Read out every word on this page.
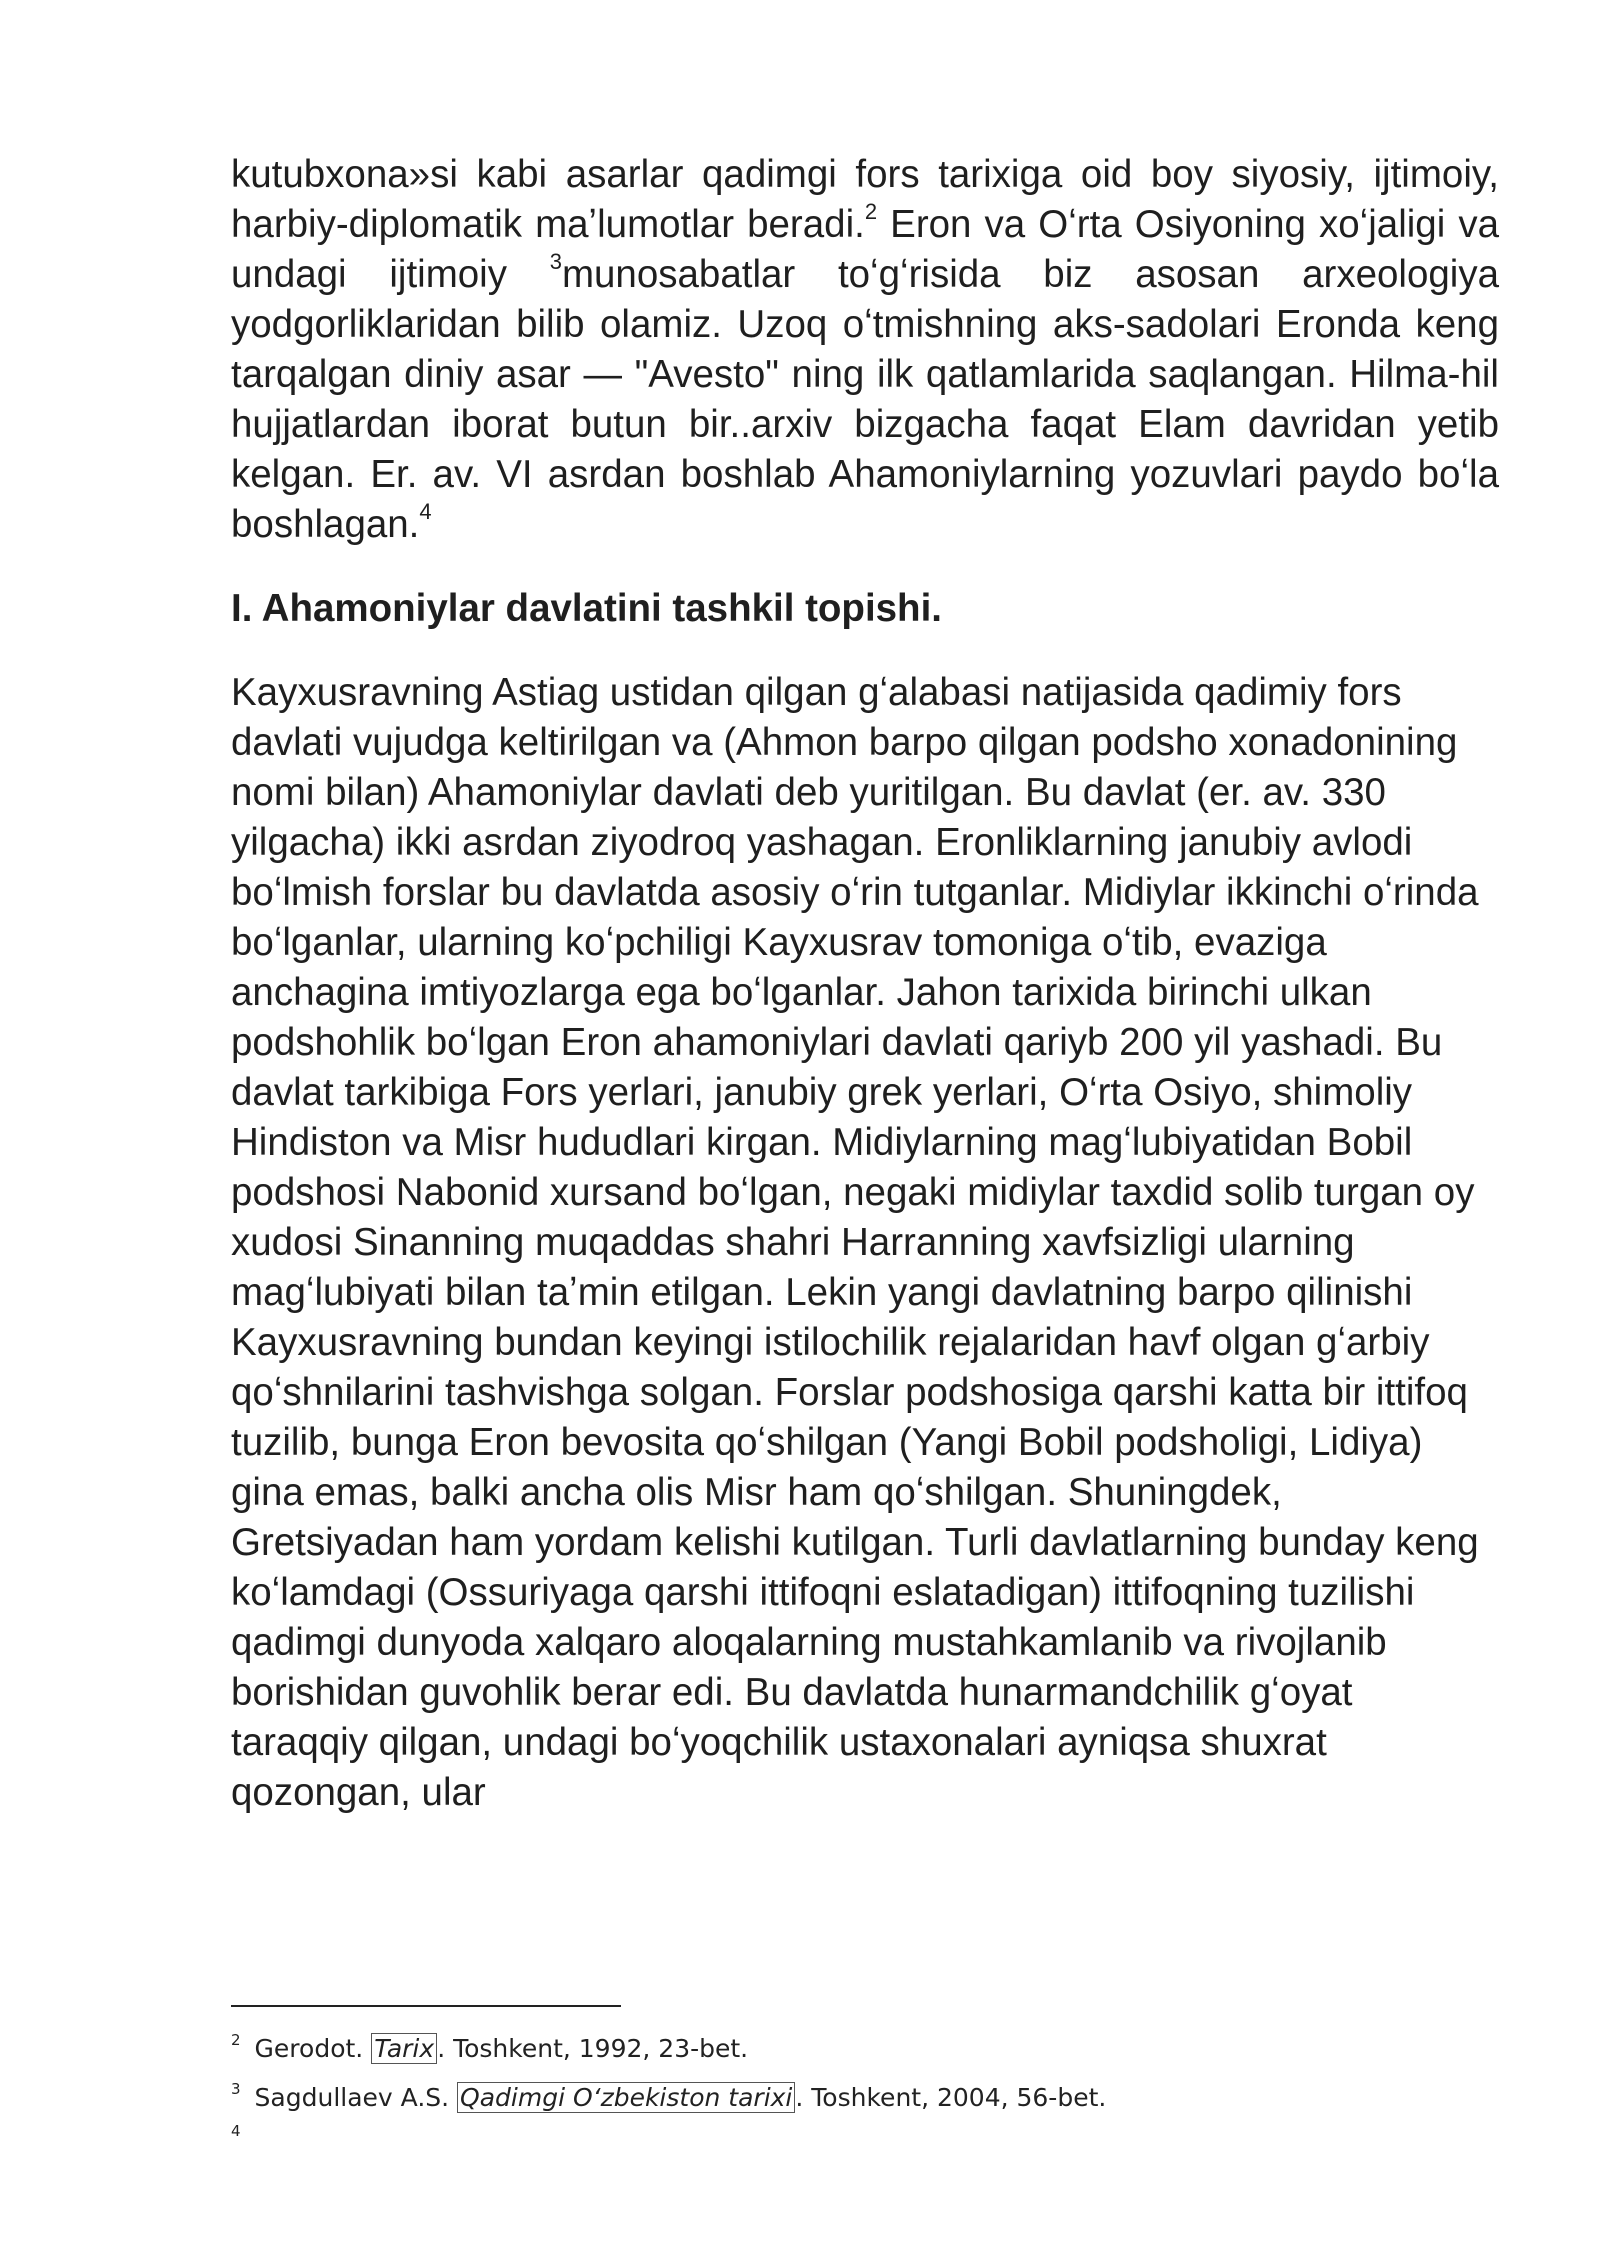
kutubxona»si kabi asarlar qadimgi fors tarixiga oid boy siyosiy, ijtimoiy, harbiy-diplomatik maʼlumotlar beradi.$^2$ Eron va Oʻrta Osiyoning xoʻjaligi va undagi ijtimoiy $^3$munosabatlar toʻgʻrisida biz asosan arxeologiya yodgorliklaridan bilib olamiz. Uzoq oʻtmishning aks-sadolari Eronda keng tarqalgan diniy asar — "Avesto" ning ilk qatlamlarida saqlangan. Hilma-hil hujjatlardan iborat butun bir..arxiv bizgacha faqat Elam davridan yetib kelgan. Er. av. VI asrdan boshlab Ahamoniylarning yozuvlari paydo boʻla boshlagan.$^4$

I. Ahamoniylar davlatini tashkil topishi.

Kayxusravning Astiag ustidan qilgan gʻalabasi natijasida qadimiy fors davlati vujudga keltirilgan va (Ahmon barpo qilgan podsho xonadonining nomi bilan) Ahamoniylar davlati deb yuritilgan. Bu davlat (er. av. 330 yilgacha) ikki asrdan ziyodroq yashagan. Eronliklarning janubiy avlodi boʻlmish forslar bu davlatda asosiy oʻrin tutganlar. Midiylar ikkinchi oʻrinda boʻlganlar, ularning koʻpchiligi Kayxusrav tomoniga oʻtib, evaziga anchagina imtiyozlarga ega boʻlganlar. Jahon tarixida birinchi ulkan podshohlik boʻlgan Eron ahamoniylari davlati qariyb 200 yil yashadi. Bu davlat tarkibiga Fors yerlari, janubiy grek yerlari, Oʻrta Osiyo, shimoliy Hindiston va Misr hududlari kirgan. Midiylarning magʻlubiyatidan Bobil podshosi Nabonid xursand boʻlgan, negaki midiylar taxdid solib turgan oy xudosi Sinanning muqaddas shahri Harranning xavfsizligi ularning magʻlubiyati bilan taʼmin etilgan. Lekin yangi davlatning barpo qilinishi Kayxusravning bundan keyingi istilochilik rejalaridan havf olgan gʻarbiy qoʻshnilarini tashvishga solgan. Forslar podshosiga qarshi katta bir ittifoq tuzilib, bunga Eron bevosita qoʻshilgan (Yangi Bobil podsholigi, Lidiya) gina emas, balki ancha olis Misr ham qoʻshilgan. Shuningdek, Gretsiyadan ham yordam kelishi kutilgan. Turli davlatlarning bunday keng koʻlamdagi (Ossuriyaga qarshi ittifoqni eslatadigan) ittifoqning tuzilishi qadimgi dunyoda xalqaro aloqalarning mustahkamlanib va rivojlanib borishidan guvohlik berar edi. Bu davlatda hunarmandchilik gʻoyat taraqqiy qilgan, undagi boʻyoqchilik ustaxonalari ayniqsa shuxrat qozongan, ular

$^2$ Gerodot. Tarix . Toshkent, 1992, 23-bet.

$^3$ Sagdullaev A.S. Qadimgi Oʻzbekiston tarixi . Toshkent, 2004, 56-bet.

$^4$
